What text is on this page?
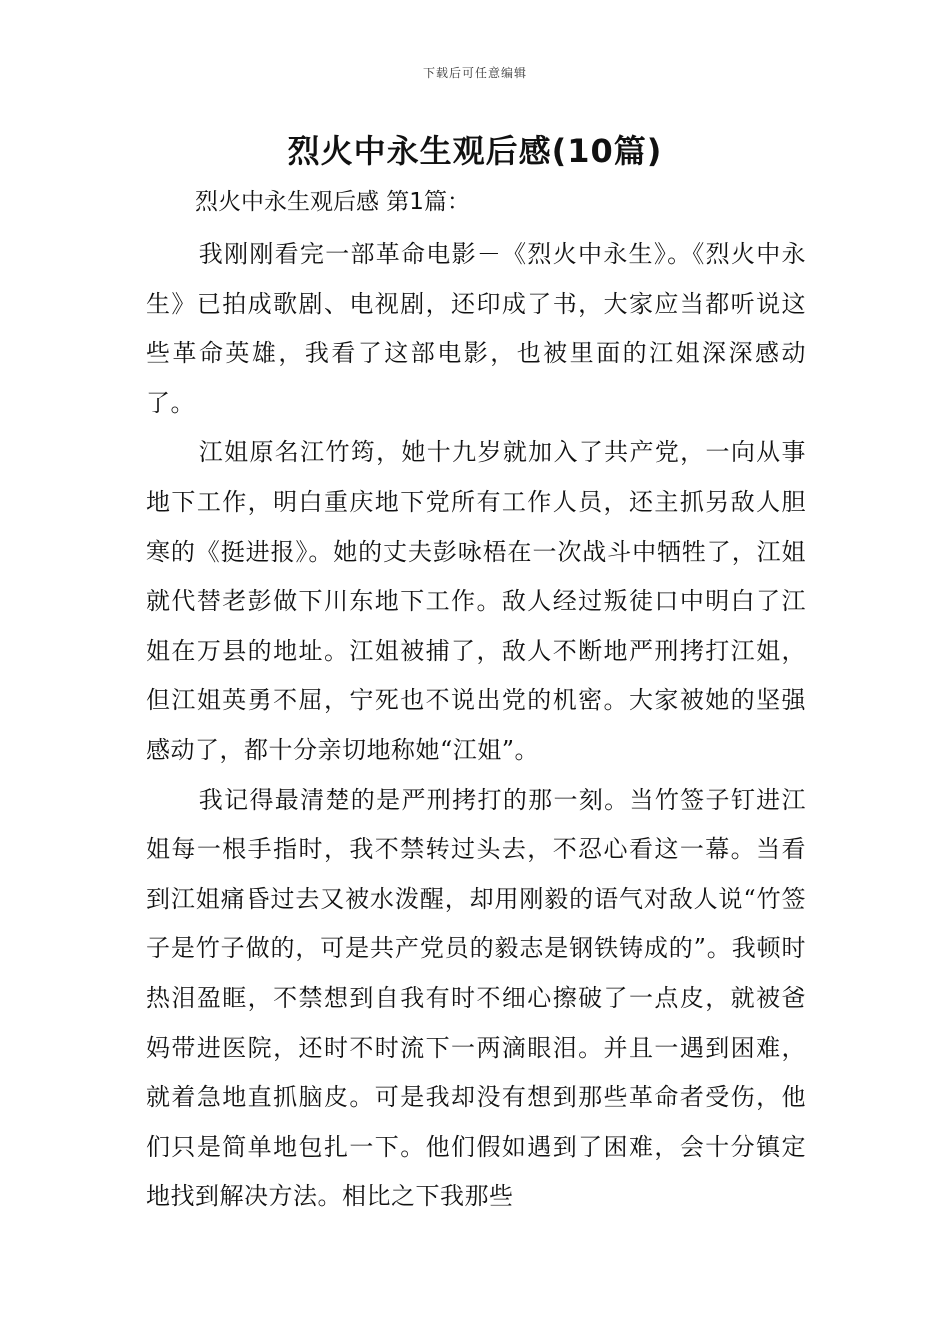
下载后可任意编辑
烈火中永生观后感(10篇)

烈火中永生观后感 第1篇：

我刚刚看完一部革命电影－《烈火中永生》。《烈火中永生》已拍成歌剧、电视剧，还印成了书，大家应当都听说这些革命英雄，我看了这部电影，也被里面的江姐深深感动了。

江姐原名江竹筠，她十九岁就加入了共产党，一向从事地下工作，明白重庆地下党所有工作人员，还主抓另敌人胆寒的《挺进报》。她的丈夫彭咏梧在一次战斗中牺牲了，江姐就代替老彭做下川东地下工作。敌人经过叛徒口中明白了江姐在万县的地址。江姐被捕了，敌人不断地严刑拷打江姐，但江姐英勇不屈，宁死也不说出党的机密。大家被她的坚强感动了，都十分亲切地称她“江姐”。

我记得最清楚的是严刑拷打的那一刻。当竹签子钉进江姐每一根手指时，我不禁转过头去，不忍心看这一幕。当看到江姐痛昏过去又被水泼醒，却用刚毅的语气对敌人说“竹签子是竹子做的，可是共产党员的毅志是钢铁铸成的”。我顿时热泪盈眶，不禁想到自我有时不细心擦破了一点皮，就被爸妈带进医院，还时不时流下一两滴眼泪。并且一遇到困难，就着急地直抓脑皮。可是我却没有想到那些革命者受伤，他们只是简单地包扎一下。他们假如遇到了困难，会十分镇定地找到解决方法。相比之下我那些
